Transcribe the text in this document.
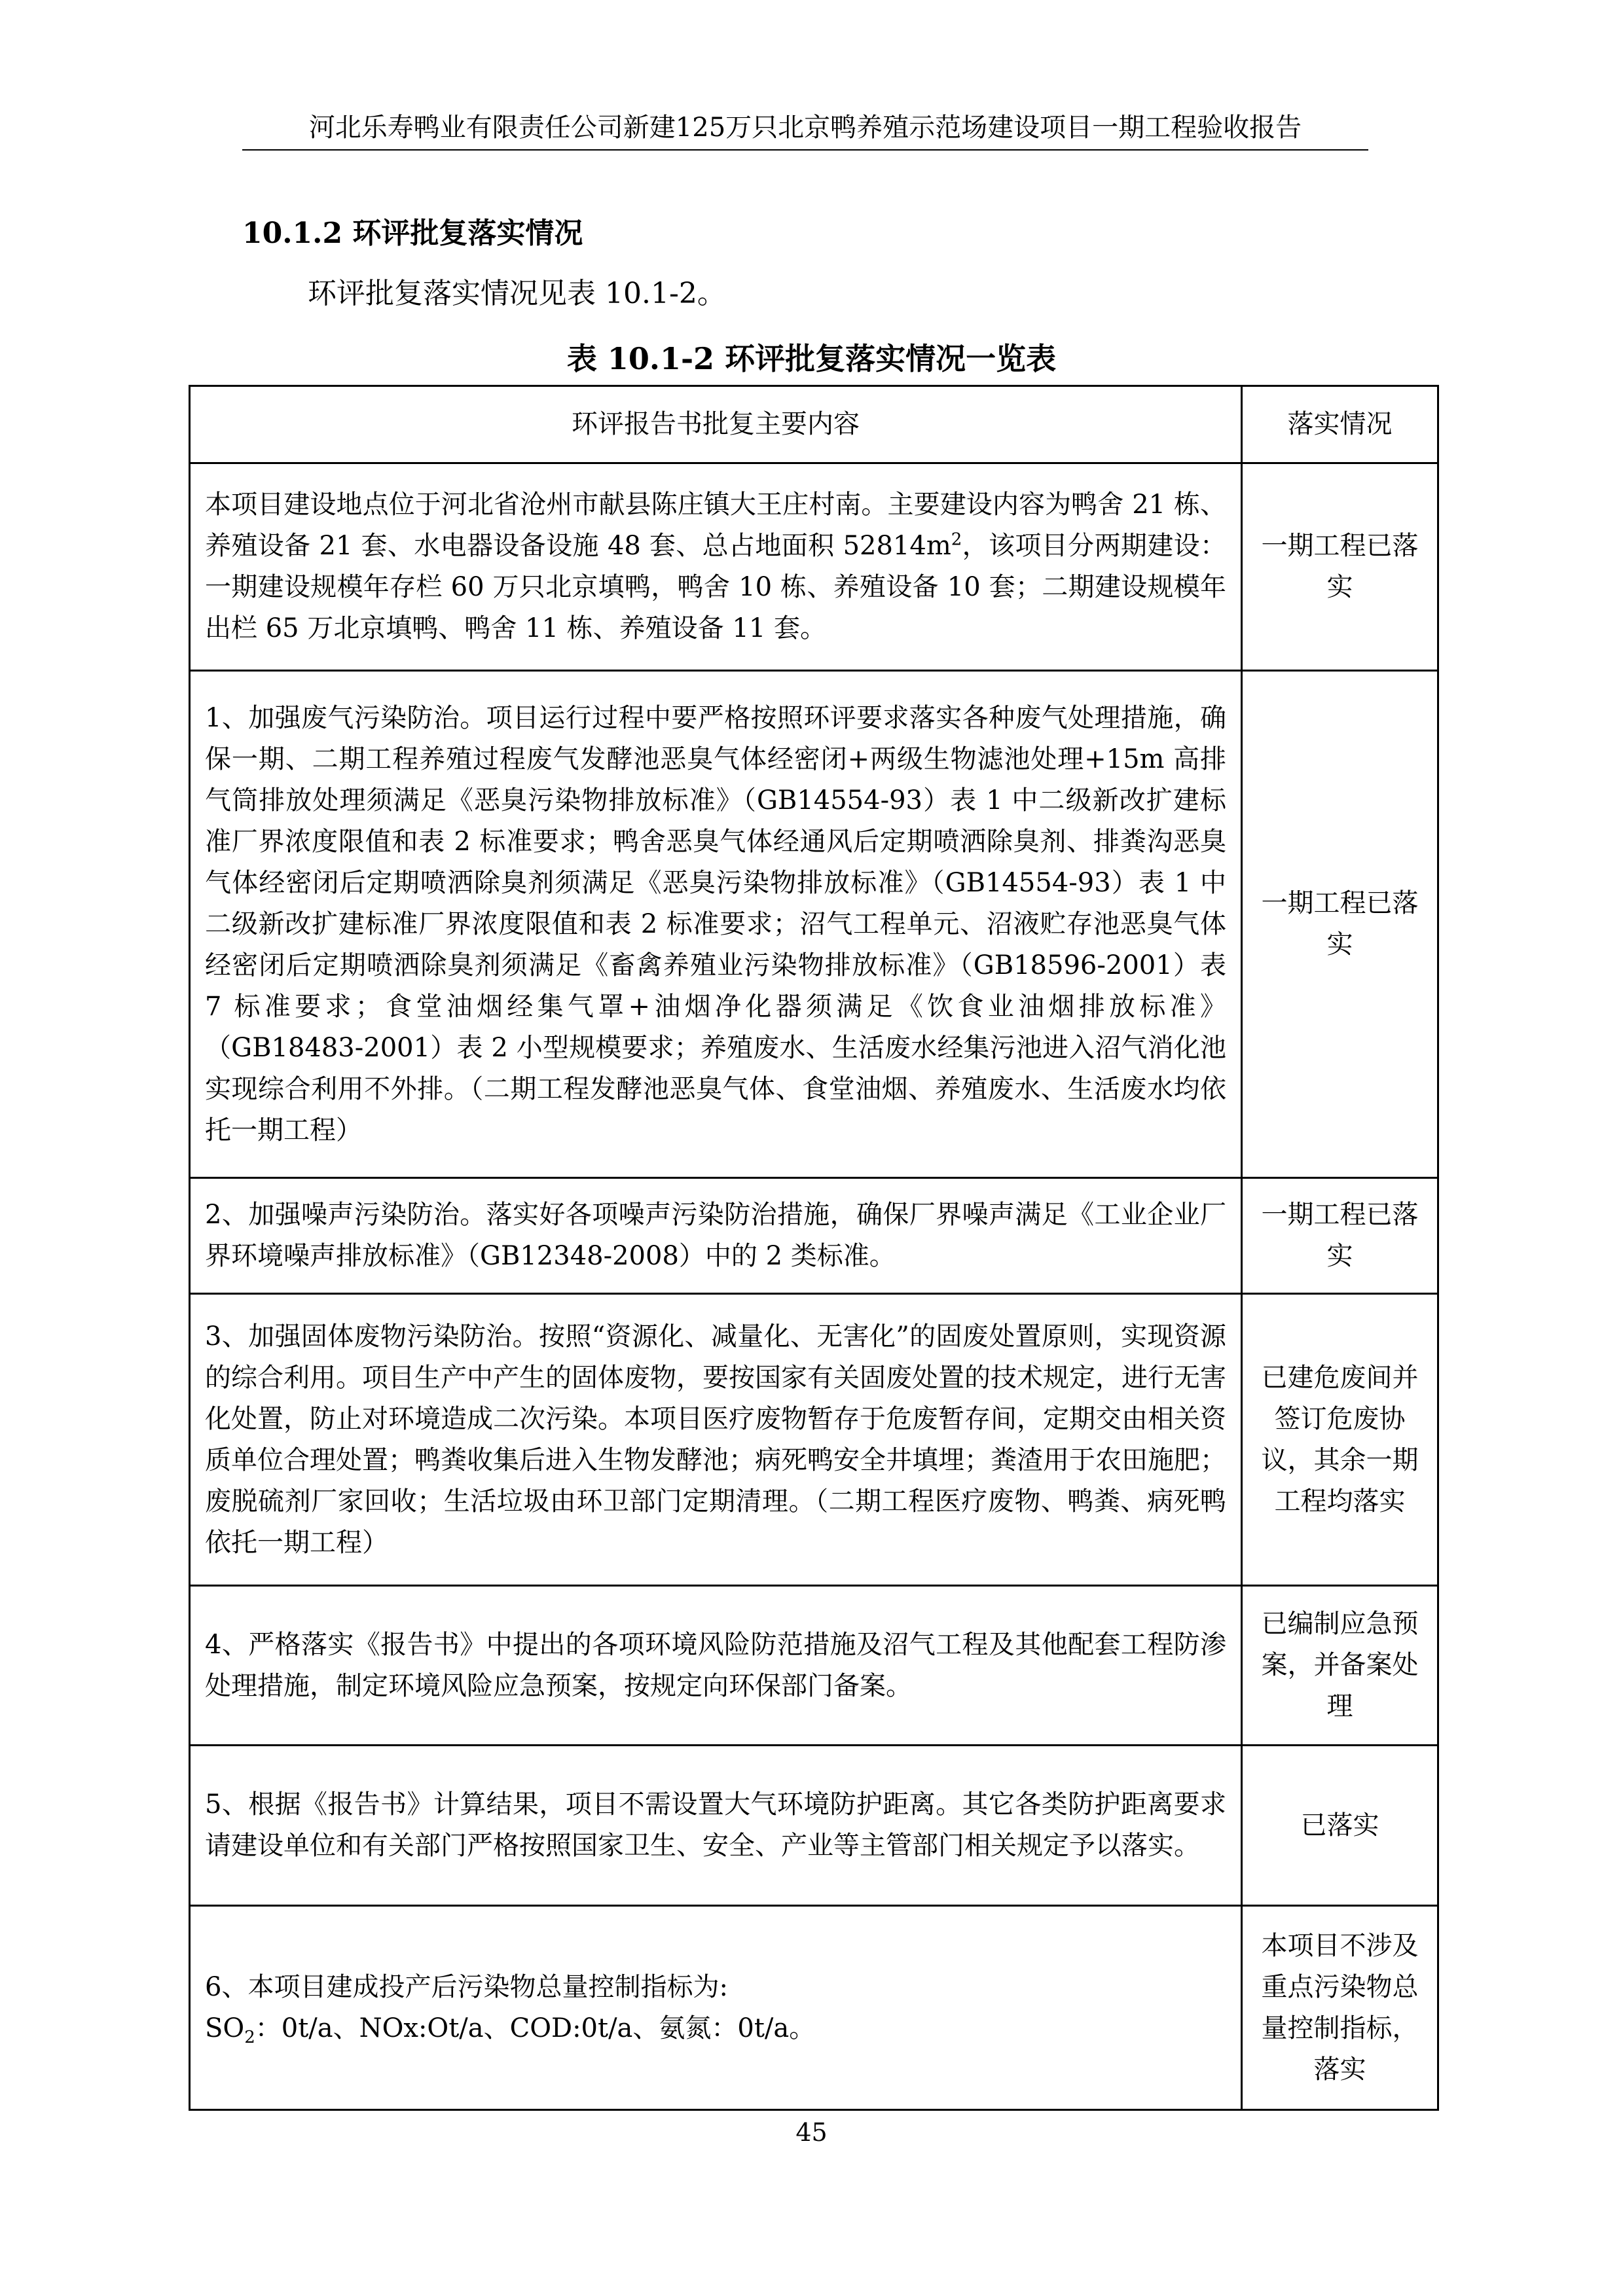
河北乐寿鸭业有限责任公司新建125万只北京鸭养殖示范场建设项目一期工程验收报告
10.1.2 环评批复落实情况
环评批复落实情况见表 10.1-2。
表 10.1-2 环评批复落实情况一览表
环评报告书批复主要内容	落实情况
本项目建设地点位于河北省沧州市献县陈庄镇大王庄村南。主要建设内容为鸭舍 21 栋、养殖设备 21 套、水电器设备设施 48 套、总占地面积 $52814m^2$，该项目分两期建设：一期建设规模年存栏 60 万只北京填鸭，鸭舍 10 栋、养殖设备 10 套；二期建设规模年出栏 65 万北京填鸭、鸭舍 11 栋、养殖设备 11 套。	一期工程已落实
1、加强废气污染防治。项目运行过程中要严格按照环评要求落实各种废气处理措施，确保一期、二期工程养殖过程废气发酵池恶臭气体经密闭+两级生物滤池处理+15m 高排气筒排放处理须满足《恶臭污染物排放标准》（GB14554-93）表 1 中二级新改扩建标准厂界浓度限值和表 2 标准要求；鸭舍恶臭气体经通风后定期喷洒除臭剂、排粪沟恶臭气体经密闭后定期喷洒除臭剂须满足《恶臭污染物排放标准》（GB14554-93）表 1 中二级新改扩建标准厂界浓度限值和表 2 标准要求；沼气工程单元、沼液贮存池恶臭气体经密闭后定期喷洒除臭剂须满足《畜禽养殖业污染物排放标准》（GB18596-2001）表 7 标准要求；食堂油烟经集气罩+油烟净化器须满足《饮食业油烟排放标准》（GB18483-2001）表 2 小型规模要求；养殖废水、生活废水经集污池进入沼气消化池实现综合利用不外排。（二期工程发酵池恶臭气体、食堂油烟、养殖废水、生活废水均依托一期工程）	一期工程已落实
2、加强噪声污染防治。落实好各项噪声污染防治措施，确保厂界噪声满足《工业企业厂界环境噪声排放标准》（GB12348-2008）中的 2 类标准。	一期工程已落实
3、加强固体废物污染防治。按照“资源化、减量化、无害化”的固废处置原则，实现资源的综合利用。项目生产中产生的固体废物，要按国家有关固废处置的技术规定，进行无害化处置，防止对环境造成二次污染。本项目医疗废物暂存于危废暂存间，定期交由相关资质单位合理处置；鸭粪收集后进入生物发酵池；病死鸭安全井填埋；粪渣用于农田施肥；废脱硫剂厂家回收；生活垃圾由环卫部门定期清理。（二期工程医疗废物、鸭粪、病死鸭依托一期工程）	已建危废间并签订危废协议，其余一期工程均落实
4、严格落实《报告书》中提出的各项环境风险防范措施及沼气工程及其他配套工程防渗处理措施，制定环境风险应急预案，按规定向环保部门备案。	已编制应急预案，并备案处理
5、根据《报告书》计算结果，项目不需设置大气环境防护距离。其它各类防护距离要求请建设单位和有关部门严格按照国家卫生、安全、产业等主管部门相关规定予以落实。	已落实

6、本项目建成投产后污染物总量控制指标为:
$SO_2$：0t/a、NOx:Ot/a、COD:0t/a、氨氮：0t/a。	本项目不涉及重点污染物总量控制指标，落实
45
